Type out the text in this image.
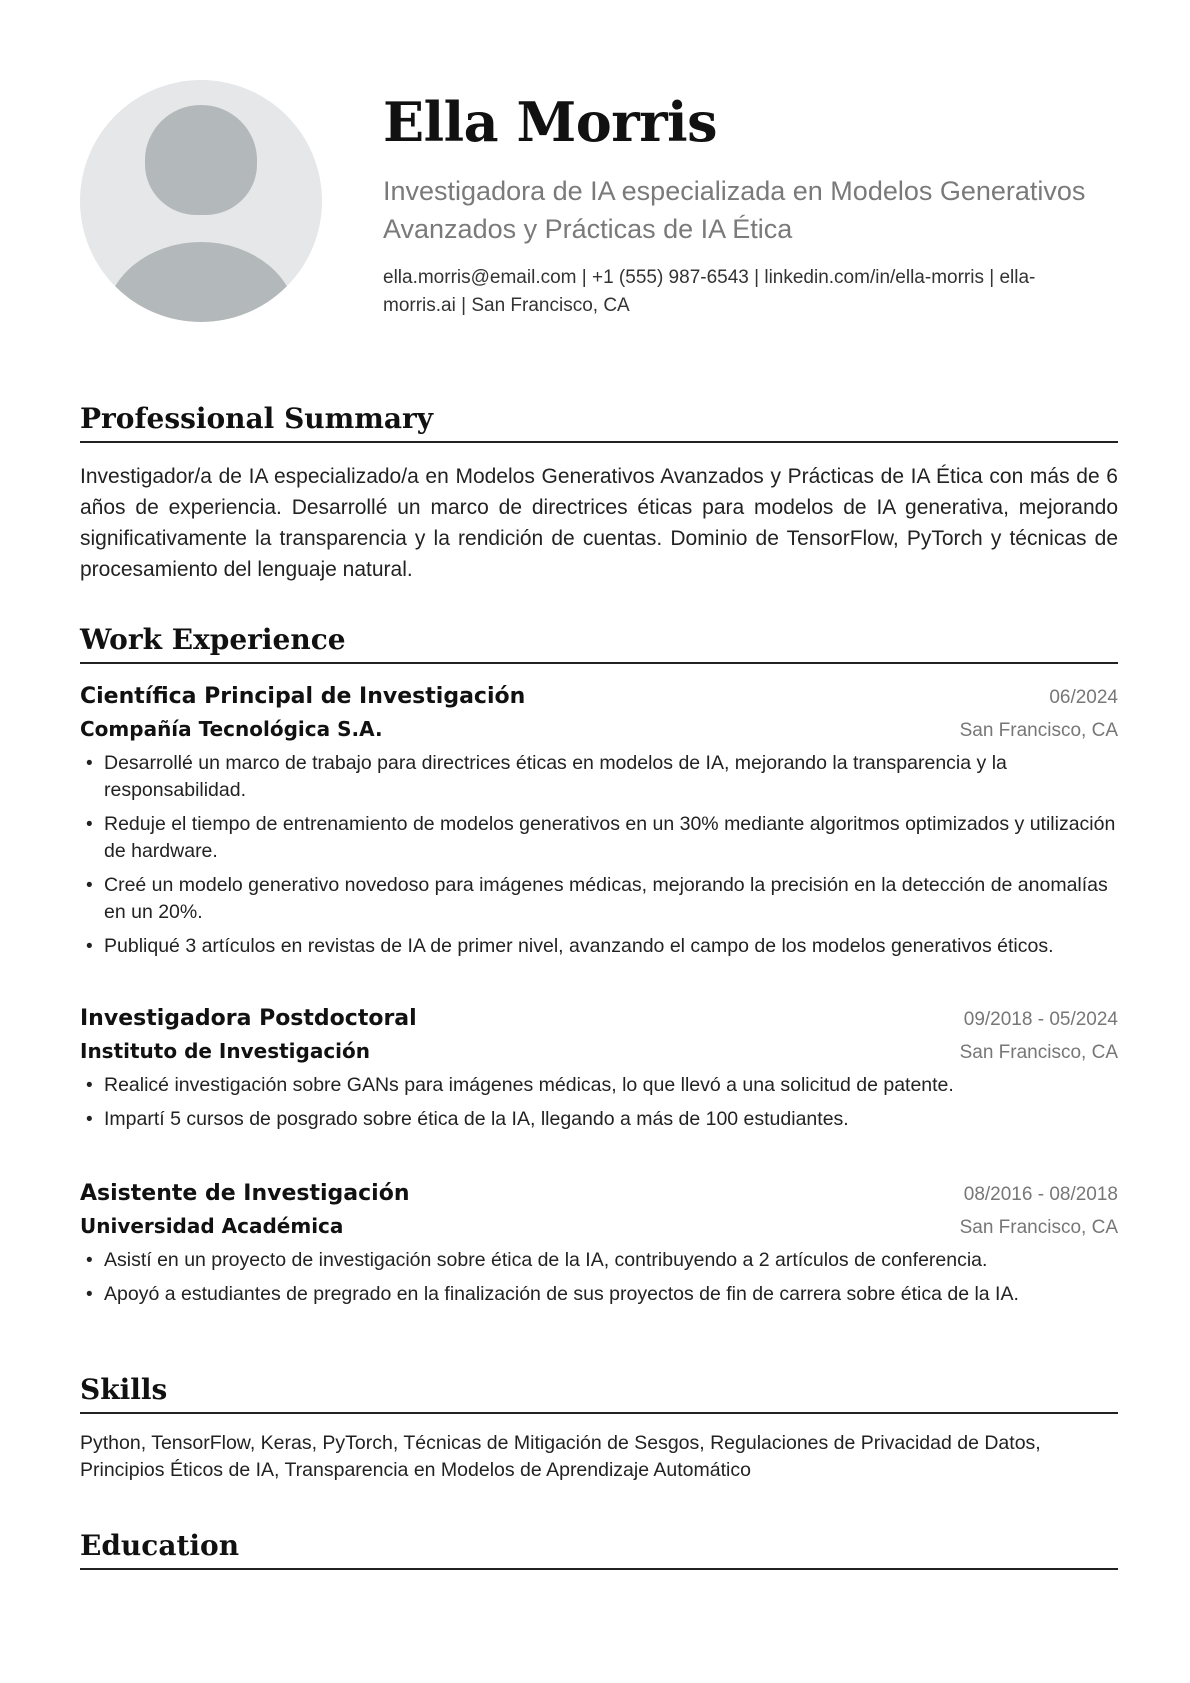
Ella Morris
Investigadora de IA especializada en Modelos Generativos Avanzados y Prácticas de IA Ética
ella.morris@email.com | +1 (555) 987-6543 | linkedin.com/in/ella-morris | ella-morris.ai | San Francisco, CA
Professional Summary
Investigador/a de IA especializado/a en Modelos Generativos Avanzados y Prácticas de IA Ética con más de 6 años de experiencia. Desarrollé un marco de directrices éticas para modelos de IA generativa, mejorando significativamente la transparencia y la rendición de cuentas. Dominio de TensorFlow, PyTorch y técnicas de procesamiento del lenguaje natural.
Work Experience
Científica Principal de Investigación	06/2024
Compañía Tecnológica S.A.	San Francisco, CA
• Desarrollé un marco de trabajo para directrices éticas en modelos de IA, mejorando la transparencia y la responsabilidad.
• Reduje el tiempo de entrenamiento de modelos generativos en un 30% mediante algoritmos optimizados y utilización de hardware.
• Creé un modelo generativo novedoso para imágenes médicas, mejorando la precisión en la detección de anomalías en un 20%.
• Publiqué 3 artículos en revistas de IA de primer nivel, avanzando el campo de los modelos generativos éticos.
Investigadora Postdoctoral	09/2018 - 05/2024
Instituto de Investigación	San Francisco, CA
• Realicé investigación sobre GANs para imágenes médicas, lo que llevó a una solicitud de patente.
• Impartí 5 cursos de posgrado sobre ética de la IA, llegando a más de 100 estudiantes.
Asistente de Investigación	08/2016 - 08/2018
Universidad Académica	San Francisco, CA
• Asistí en un proyecto de investigación sobre ética de la IA, contribuyendo a 2 artículos de conferencia.
• Apoyó a estudiantes de pregrado en la finalización de sus proyectos de fin de carrera sobre ética de la IA.
Skills
Python, TensorFlow, Keras, PyTorch, Técnicas de Mitigación de Sesgos, Regulaciones de Privacidad de Datos, Principios Éticos de IA, Transparencia en Modelos de Aprendizaje Automático
Education
